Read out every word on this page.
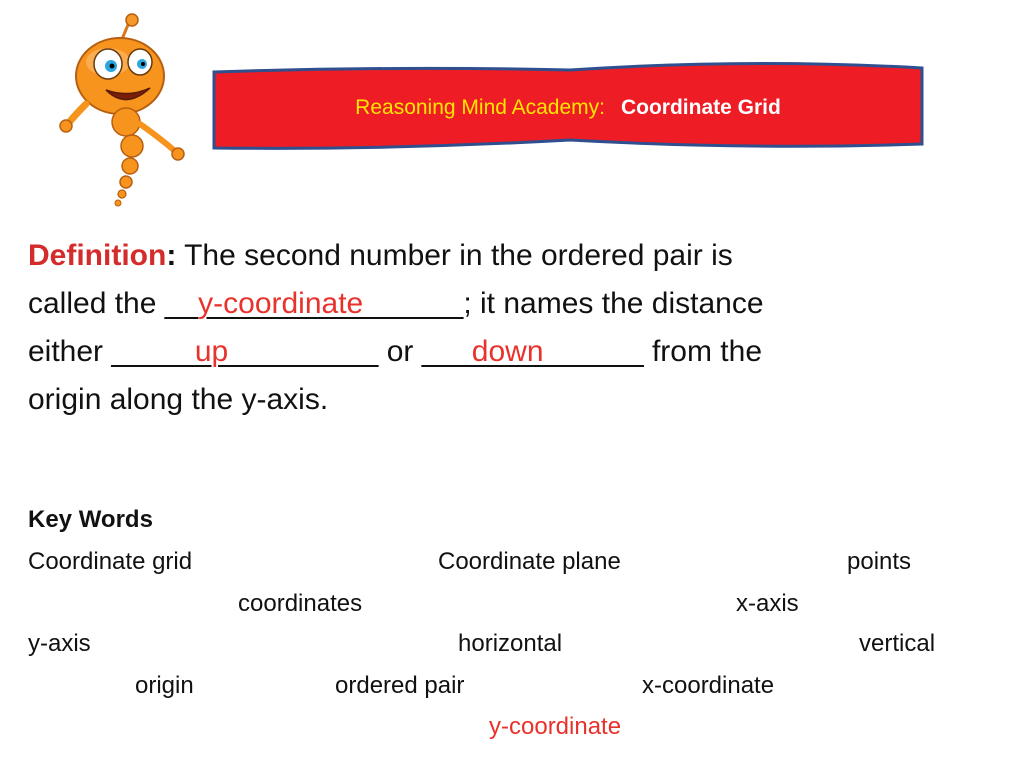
Reasoning Mind Academy: Coordinate Grid
Definition: The second number in the ordered pair is
called the __y-coordinate______; it names the distance
either _____up_________ or ___down______ from the
origin along the y-axis.
Key Words
Coordinate grid	Coordinate plane	points
coordinates	x-axis
y-axis	horizontal	vertical
origin	ordered pair	x-coordinate
y-coordinate
